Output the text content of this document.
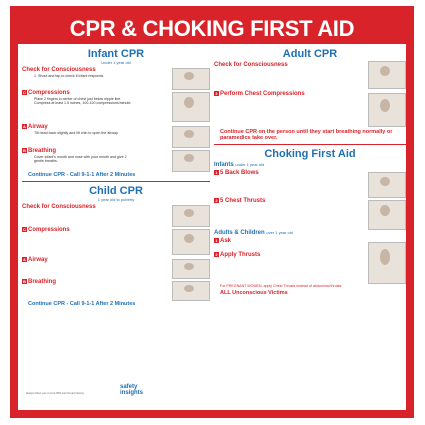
CPR & CHOKING FIRST AID
Infant CPR
Under 1 year old
Check for Consciousness
1. Shout and tap to check if infant responds.
C Compressions
Place 2 fingers in center of chest just below nipple line. Compress at least 1.5 inches, 100-120 compressions/minute.
A Airway
Tilt head back slightly and lift chin to open the airway.
B Breathing
Cover infant's mouth and nose with your mouth and give 2 gentle breaths.
Continue CPR - Call 9-1-1 After 2 Minutes
Child CPR
1 year old to puberty
Check for Consciousness
C Compressions
A Airway
B Breathing
Continue CPR - Call 9-1-1 After 2 Minutes
safety
insights
Always follow your current CPR and first aid training.
Adult CPR
Check for Consciousness
2 Perform Chest Compressions
Continue CPR on the person until they start breathing normally or paramedics take over.
Choking First Aid
Infants under 1 year old
1 5 Back Blows
2 5 Chest Thrusts
Adults & Children over 1 year old
1 Ask
2 Apply Thrusts
For PREGNANT WOMEN, apply Chest Thrusts instead of abdominal thrusts.
ALL Unconscious Victims
